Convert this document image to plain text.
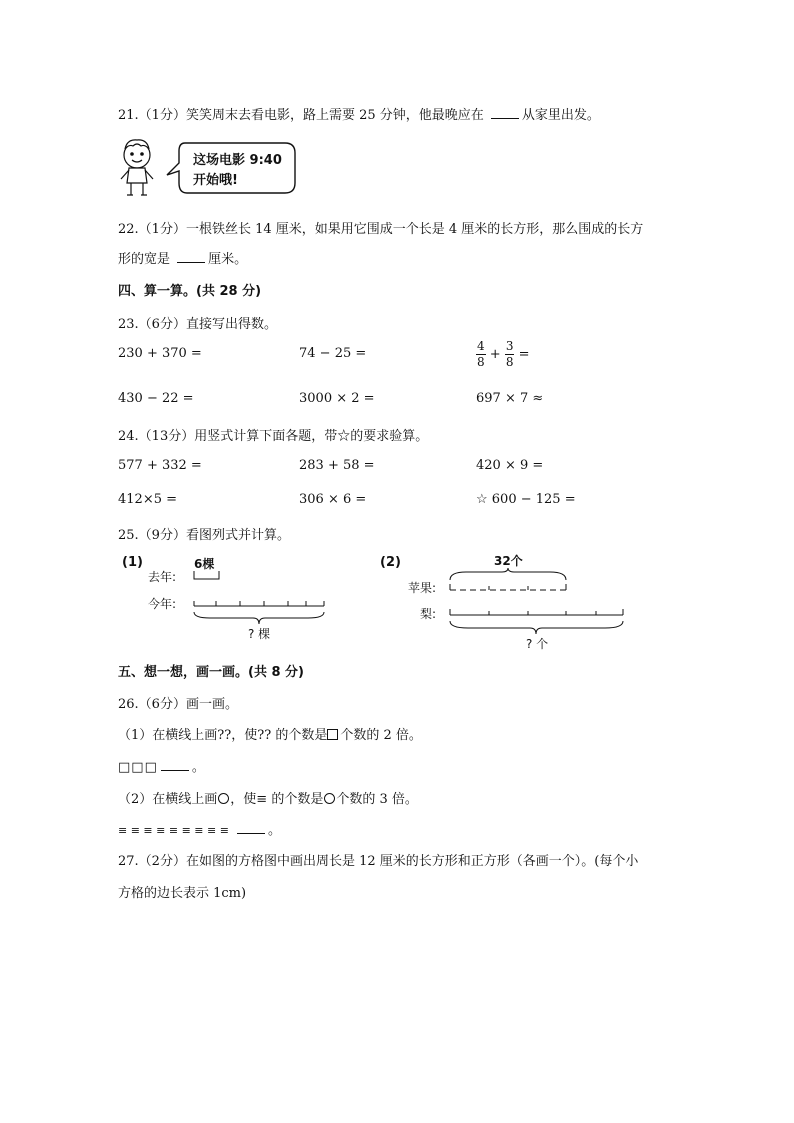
21.（1分）笑笑周末去看电影，路上需要 25 分钟，他最晚应在	从家里出发。
这场电影 9:40
开始哦!
22.（1分）一根铁丝长 14 厘米，如果用它围成一个长是 4 厘米的长方形，那么围成的长方
形的宽是	厘米。
四、算一算。(共 28 分)
23.（6分）直接写出得数。
230 + 370 =	74 − 25 =	$\frac{4}{8} + \frac{3}{8}$ =
430 − 22 =	3000 × 2 =	697 × 7 ≈
24.（13分）用竖式计算下面各题，带☆的要求验算。
577 + 332 =	283 + 58 =	420 × 9 =
412×5 =	306 × 6 =	☆ 600 − 125 =
25.（9分）看图列式并计算。
(1)
去年:
6棵
今年:
? 棵
(2)	32个
苹果:
梨:
? 个
五、想一想，画一画。(共 8 分)
26.（6分）画一画。
（1）在横线上画??，使?? 的个数是 个数的 2 倍。
□□□	。
（2）在横线上画 ，使≡ 的个数是 个数的 3 倍。
≡ ≡ ≡ ≡ ≡ ≡ ≡ ≡ ≡	。
27.（2分）在如图的方格图中画出周长是 12 厘米的长方形和正方形（各画一个）。(每个小
方格的边长表示 1cm)
